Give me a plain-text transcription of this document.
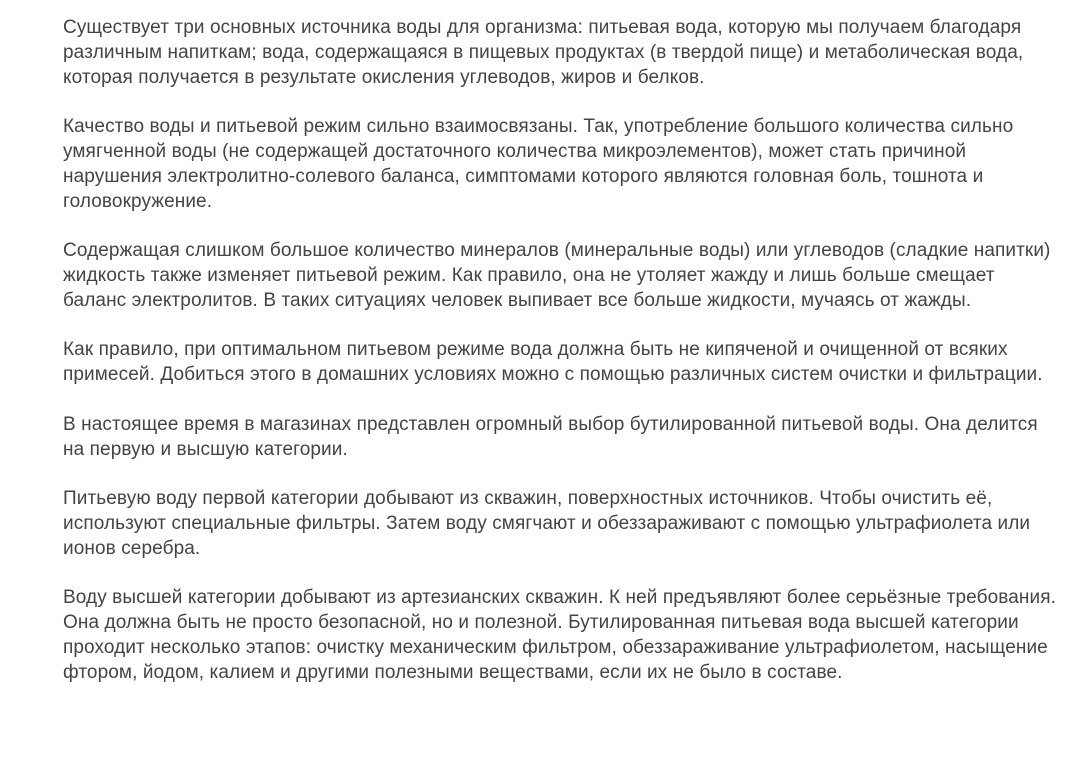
Существует три основных источника воды для организма: питьевая вода, которую мы получаем благодаря различным напиткам; вода, содержащаяся в пищевых продуктах (в твердой пище) и метаболическая вода, которая получается в результате окисления углеводов, жиров и белков.

Качество воды и питьевой режим сильно взаимосвязаны. Так, употребление большого количества сильно умягченной воды (не содержащей достаточного количества микроэлементов), может стать причиной нарушения электролитно-солевого баланса, симптомами которого являются головная боль, тошнота и головокружение.

Содержащая слишком большое количество минералов (минеральные воды) или углеводов (сладкие напитки) жидкость также изменяет питьевой режим. Как правило, она не утоляет жажду и лишь больше смещает баланс электролитов. В таких ситуациях человек выпивает все больше жидкости, мучаясь от жажды.

Как правило, при оптимальном питьевом режиме вода должна быть не кипяченой и очищенной от всяких примесей. Добиться этого в домашних условиях можно с помощью различных систем очистки и фильтрации.

В настоящее время в магазинах представлен огромный выбор бутилированной питьевой воды. Она делится на первую и высшую категории.

Питьевую воду первой категории добывают из скважин, поверхностных источников. Чтобы очистить её, используют специальные фильтры. Затем воду смягчают и обеззараживают с помощью ультрафиолета или ионов серебра.

Воду высшей категории добывают из артезианских скважин. К ней предъявляют более серьёзные требования. Она должна быть не просто безопасной, но и полезной. Бутилированная питьевая вода высшей категории проходит несколько этапов: очистку механическим фильтром, обеззараживание ультрафиолетом, насыщение фтором, йодом, калием и другими полезными веществами, если их не было в составе.
